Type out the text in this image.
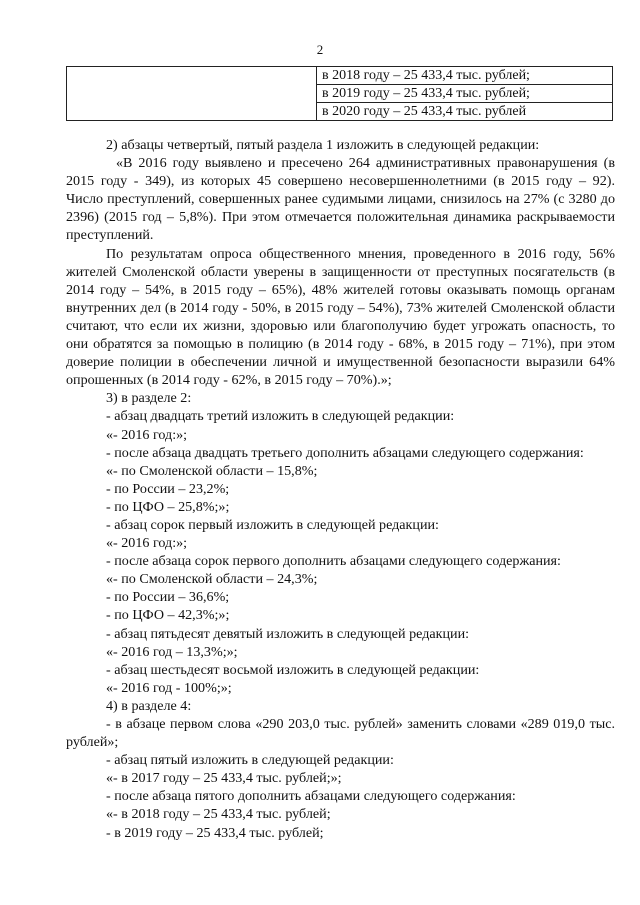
2

в 2018 году – 25 433,4 тыс. рублей;
в 2019 году – 25 433,4 тыс. рублей;
в 2020 году – 25 433,4 тыс. рублей

2) абзацы четвертый, пятый раздела 1 изложить в следующей редакции:

«В 2016 году выявлено и пресечено 264 административных правонарушения (в 2015 году - 349), из которых 45 совершено несовершеннолетними (в 2015 году – 92). Число преступлений, совершенных ранее судимыми лицами, снизилось на 27% (с 3280 до 2396) (2015 год – 5,8%). При этом отмечается положительная динамика раскрываемости преступлений.

По результатам опроса общественного мнения, проведенного в 2016 году, 56% жителей Смоленской области уверены в защищенности от преступных посягательств (в 2014 году – 54%, в 2015 году – 65%), 48% жителей готовы оказывать помощь органам внутренних дел (в 2014 году - 50%, в 2015 году – 54%), 73% жителей Смоленской области считают, что если их жизни, здоровью или благополучию будет угрожать опасность, то они обратятся за помощью в полицию (в 2014 году - 68%, в 2015 году – 71%), при этом доверие полиции в обеспечении личной и имущественной безопасности выразили 64% опрошенных (в 2014 году - 62%, в 2015 году – 70%).»;

3) в разделе 2:

- абзац двадцать третий изложить в следующей редакции:

«- 2016 год:»;

- после абзаца двадцать третьего дополнить абзацами следующего содержания:

«- по Смоленской области – 15,8%;

- по России – 23,2%;

- по ЦФО – 25,8%;»;

- абзац сорок первый изложить в следующей редакции:

«- 2016 год:»;

- после абзаца сорок первого дополнить абзацами следующего содержания:

«- по Смоленской области – 24,3%;

- по России – 36,6%;

- по ЦФО – 42,3%;»;

- абзац пятьдесят девятый изложить в следующей редакции:

«- 2016 год – 13,3%;»;

- абзац шестьдесят восьмой изложить в следующей редакции:

«- 2016 год - 100%;»;

4) в разделе 4:

- в абзаце первом слова «290 203,0 тыс. рублей» заменить словами «289 019,0 тыс. рублей»;

- абзац пятый изложить в следующей редакции:

«- в 2017 году – 25 433,4 тыс. рублей;»;

- после абзаца пятого дополнить абзацами следующего содержания:

«- в 2018 году – 25 433,4 тыс. рублей;

- в 2019 году – 25 433,4 тыс. рублей;
